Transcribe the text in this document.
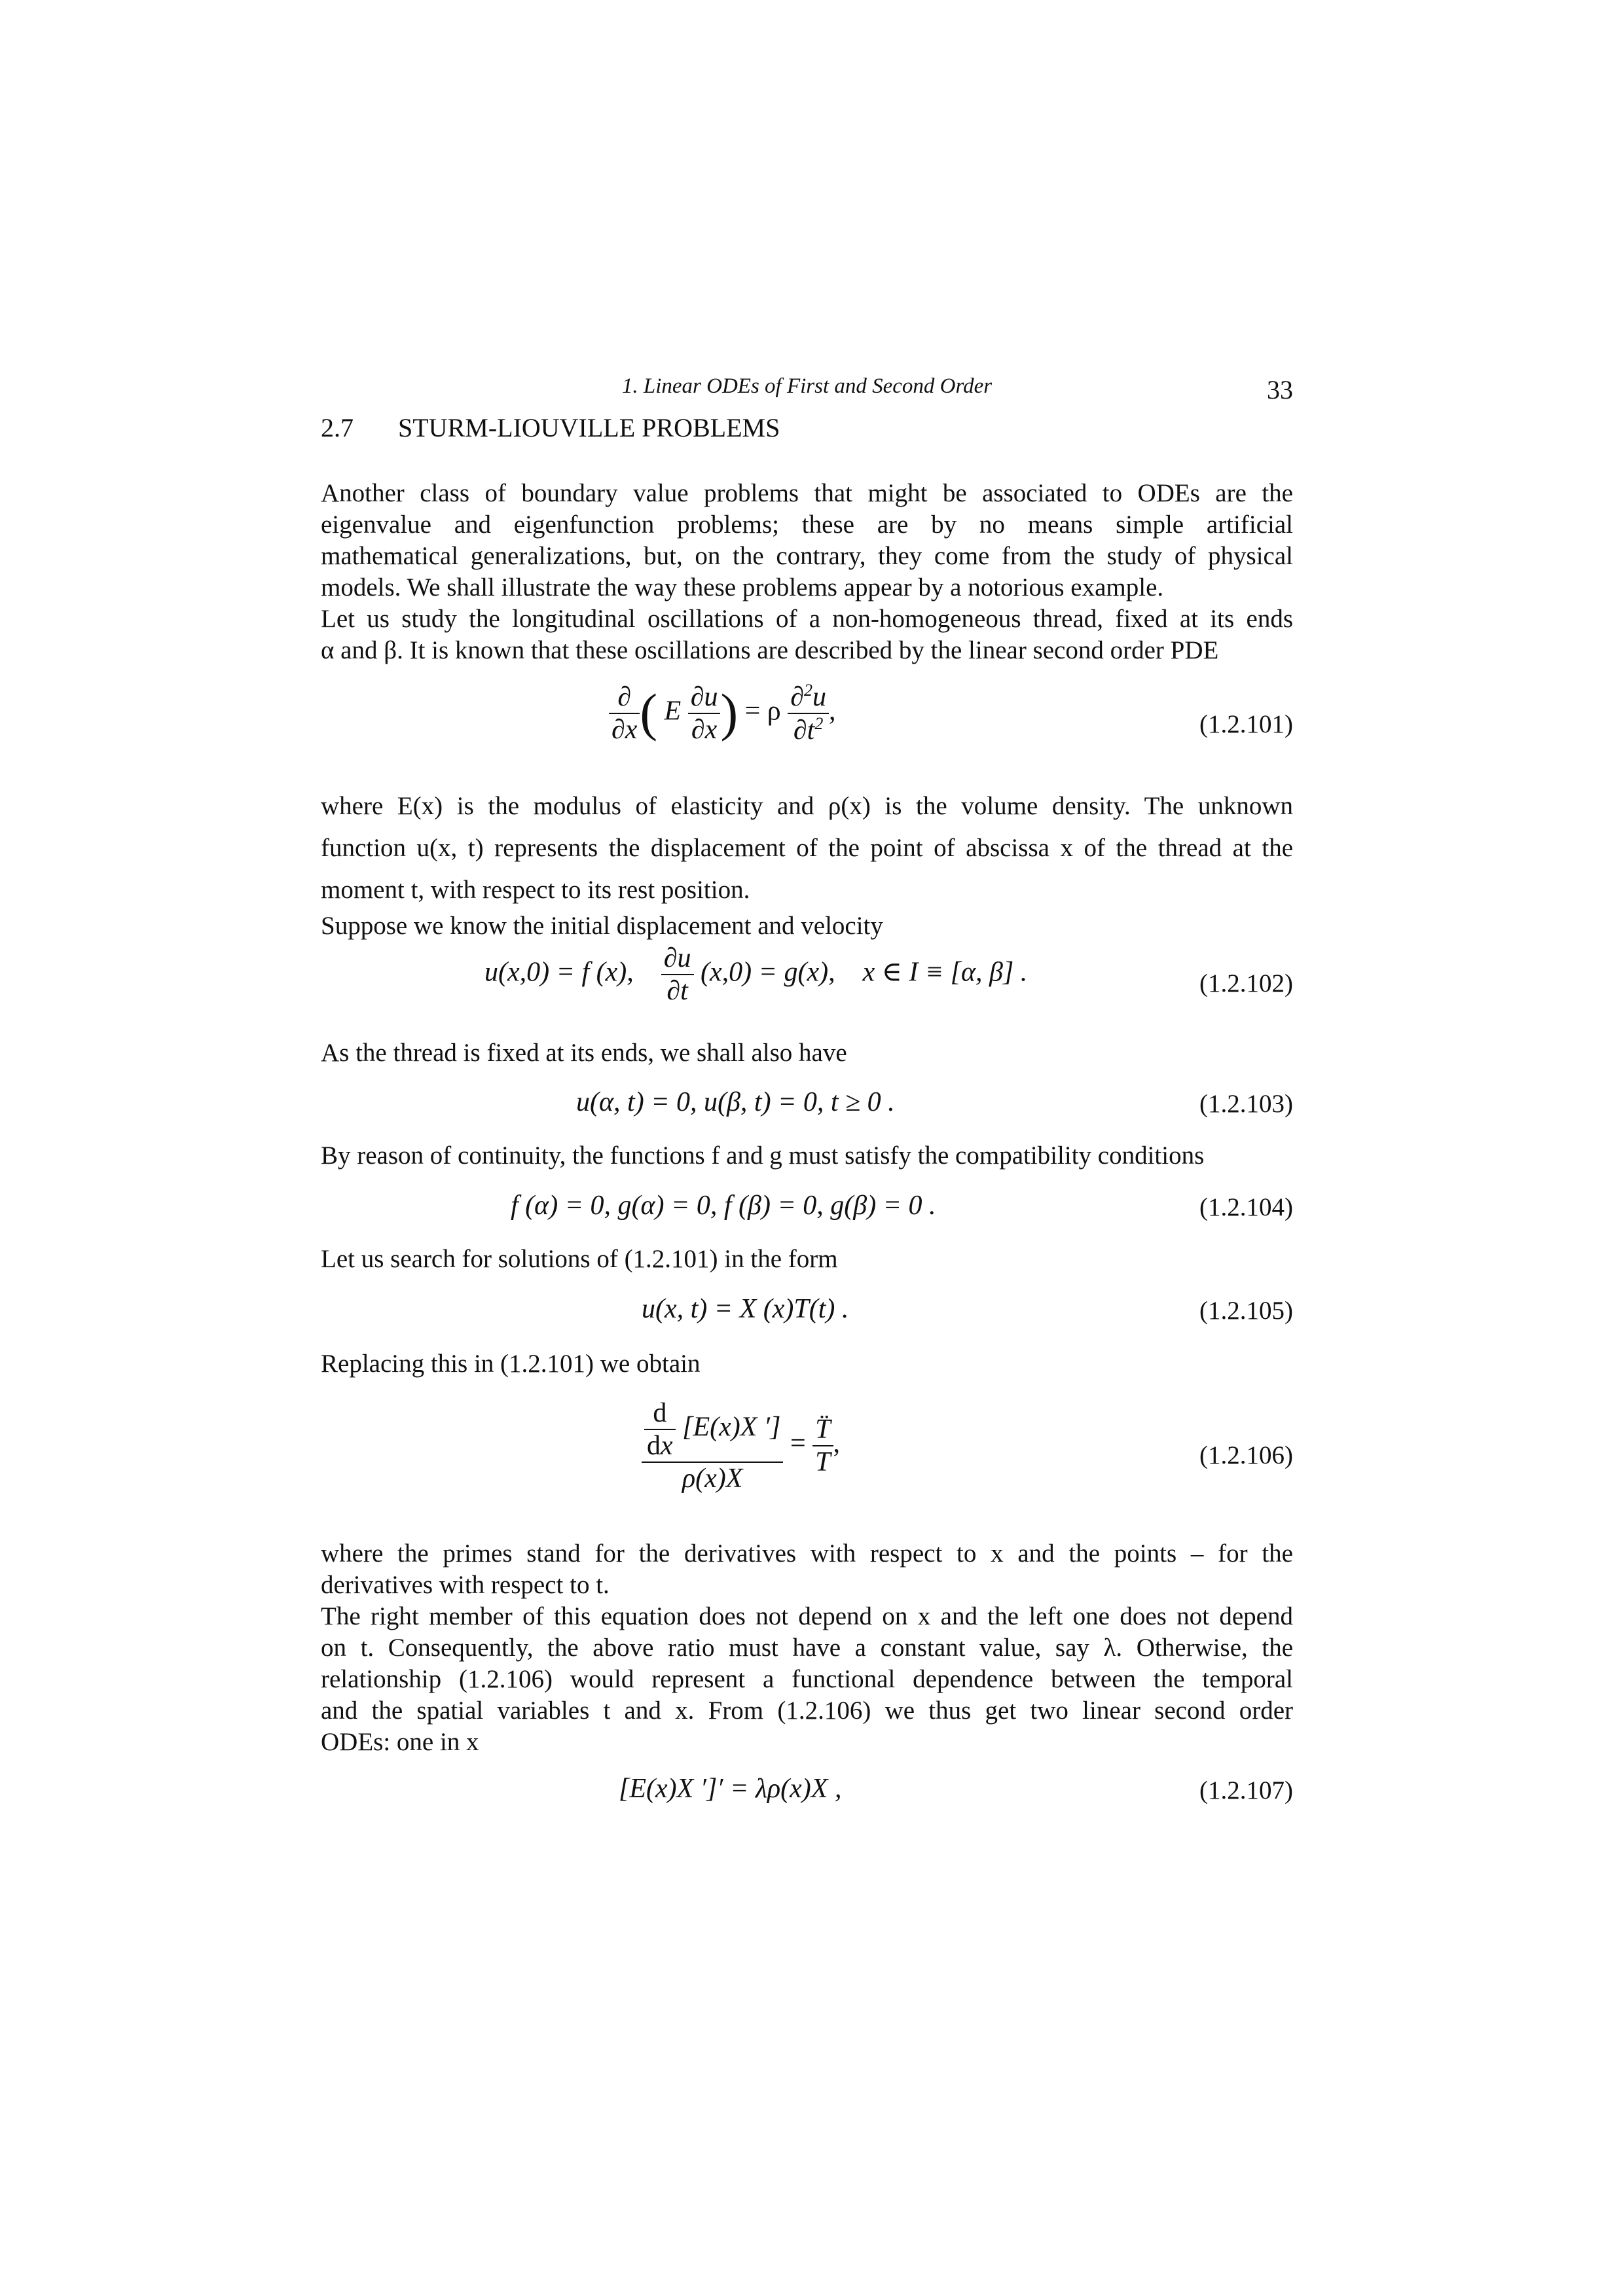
1. Linear ODEs of First and Second Order	33
2.7 STURM-LIOUVILLE PROBLEMS
Another class of boundary value problems that might be associated to ODEs are the
eigenvalue and eigenfunction problems; these are by no means simple artificial
mathematical generalizations, but, on the contrary, they come from the study of physical
models. We shall illustrate the way these problems appear by a notorious example.
Let us study the longitudinal oscillations of a non-homogeneous thread, fixed at its ends
α and β. It is known that these oscillations are described by the linear second order PDE
$\frac{\partial}{\partial x}$ ( E $\frac{\partial u}{\partial x}$ ) = ρ $\frac{\partial^2u}{\partial t^2}$ ,	(1.2.101)
where E(x) is the modulus of elasticity and ρ(x) is the volume density. The unknown
function u(x, t) represents the displacement of the point of abscissa x of the thread at the
moment t, with respect to its rest position.
Suppose we know the initial displacement and velocity
u(x,0) = f (x), $\frac{\partial u}{\partial t} (x,0) = g(x)$,    x ∈ I ≡ [α, β] .	(1.2.102)
As the thread is fixed at its ends, we shall also have
u(α, t) = 0, u(β, t) = 0, t ≥ 0 .	(1.2.103)
By reason of continuity, the functions f and g must satisfy the compatibility conditions
f (α) = 0, g(α) = 0, f (β) = 0, g(β) = 0 .	(1.2.104)
Let us search for solutions of (1.2.101) in the form
u(x, t) = X (x)T(t) .	(1.2.105)
Replacing this in (1.2.101) we obtain
$\frac{\frac{d}{dx} [E(x)X ']}{\rho(x)X} = \frac{T̈}{T}$ ,	(1.2.106)
where the primes stand for the derivatives with respect to x and the points – for the
derivatives with respect to t.
The right member of this equation does not depend on x and the left one does not depend
on t. Consequently, the above ratio must have a constant value, say λ. Otherwise, the
relationship (1.2.106) would represent a functional dependence between the temporal
and the spatial variables t and x. From (1.2.106) we thus get two linear second order
ODEs: one in x
[E(x)X ′]′ = λρ(x)X ,	(1.2.107)
